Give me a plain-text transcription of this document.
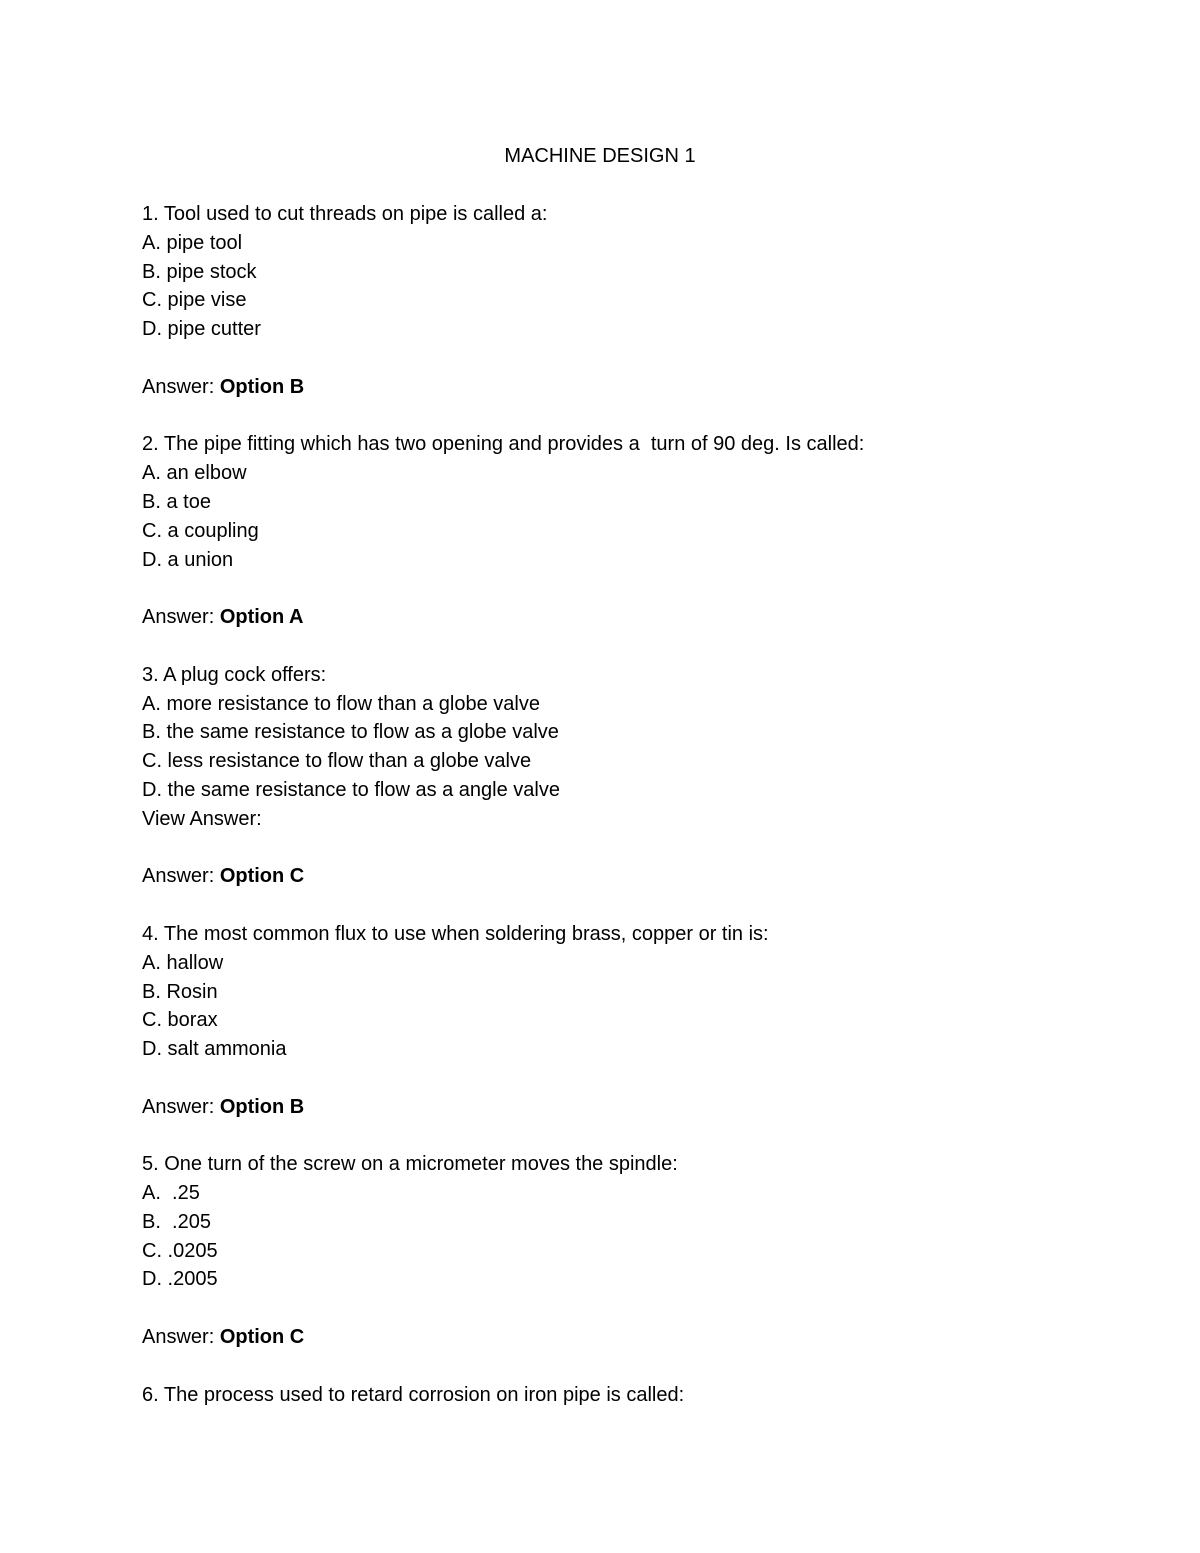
MACHINE DESIGN 1
1. Tool used to cut threads on pipe is called a:
A. pipe tool
B. pipe stock
C. pipe vise
D. pipe cutter
Answer: Option B
2. The pipe fitting which has two opening and provides a  turn of 90 deg. Is called:
A. an elbow
B. a toe
C. a coupling
D. a union
Answer: Option A
3. A plug cock offers:
A. more resistance to flow than a globe valve
B. the same resistance to flow as a globe valve
C. less resistance to flow than a globe valve
D. the same resistance to flow as a angle valve
View Answer:
Answer: Option C
4. The most common flux to use when soldering brass, copper or tin is:
A. hallow
B. Rosin
C. borax
D. salt ammonia
Answer: Option B
5. One turn of the screw on a micrometer moves the spindle:
A.  .25
B.  .205
C. .0205
D. .2005
Answer: Option C
6. The process used to retard corrosion on iron pipe is called:
